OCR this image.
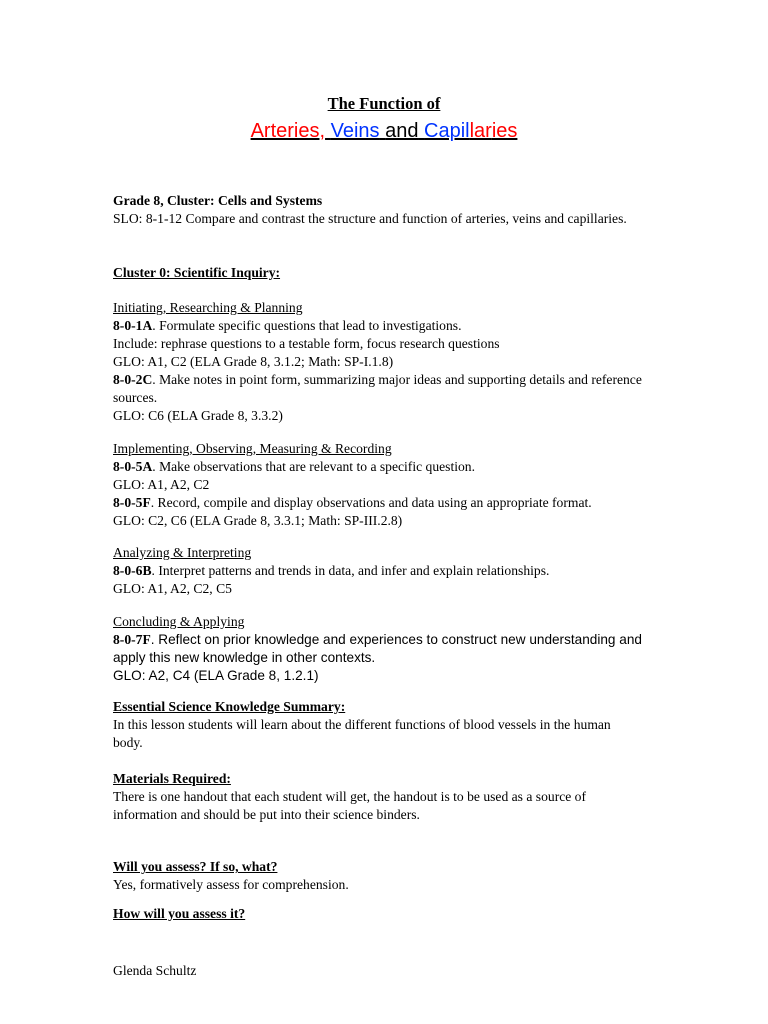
The Function of
Arteries, Veins and Capillaries

Grade 8, Cluster: Cells and Systems

SLO: 8-1-12 Compare and contrast the structure and function of arteries, veins and capillaries.

Cluster 0: Scientific Inquiry:

Initiating, Researching & Planning

8-0-1A. Formulate specific questions that lead to investigations.

Include: rephrase questions to a testable form, focus research questions

GLO: A1, C2 (ELA Grade 8, 3.1.2; Math: SP-I.1.8)

8-0-2C. Make notes in point form, summarizing major ideas and supporting details and reference sources.

GLO: C6 (ELA Grade 8, 3.3.2)

Implementing, Observing, Measuring & Recording

8-0-5A. Make observations that are relevant to a specific question.

GLO: A1, A2, C2

8-0-5F. Record, compile and display observations and data using an appropriate format.

GLO: C2, C6 (ELA Grade 8, 3.3.1; Math: SP-III.2.8)

Analyzing & Interpreting

8-0-6B. Interpret patterns and trends in data, and infer and explain relationships.

GLO: A1, A2, C2, C5

Concluding & Applying

8-0-7F. Reflect on prior knowledge and experiences to construct new understanding and apply this new knowledge in other contexts.

GLO: A2, C4 (ELA Grade 8, 1.2.1)

Essential Science Knowledge Summary:

In this lesson students will learn about the different functions of blood vessels in the human body.

Materials Required:

There is one handout that each student will get, the handout is to be used as a source of information and should be put into their science binders.

Will you assess? If so, what?

Yes, formatively assess for comprehension.

How will you assess it?

Glenda Schultz
